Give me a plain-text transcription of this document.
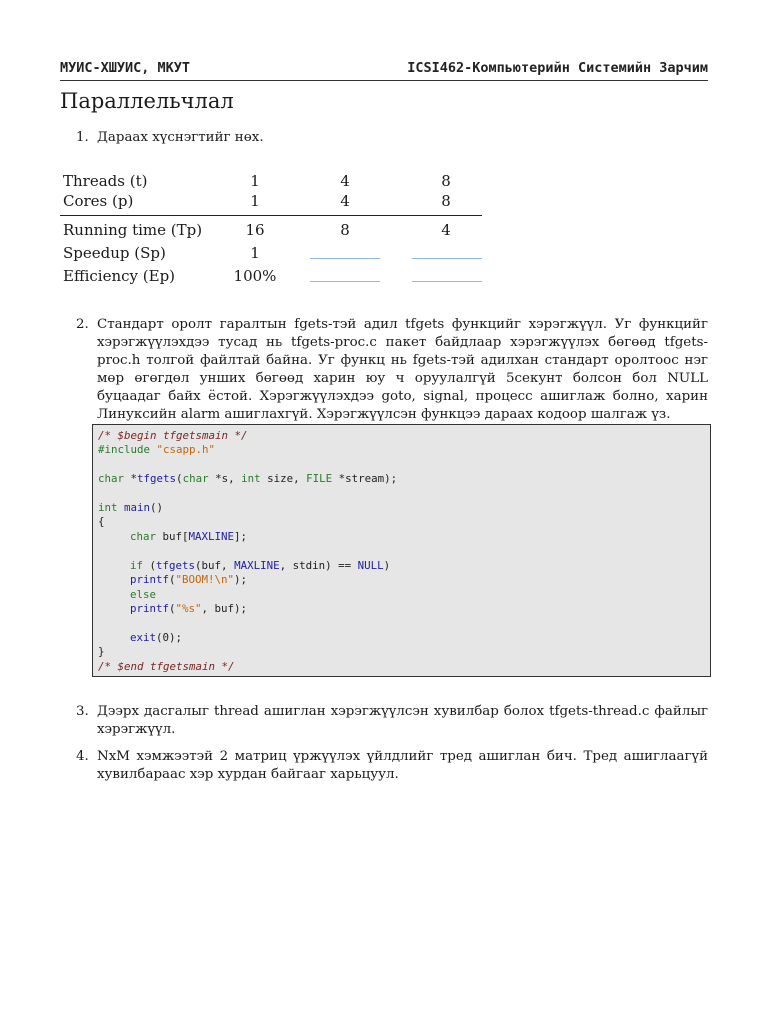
МУИС-ХШУИС, МКУТ	ICSI462-Компьютерийн Системийн Зарчим
Параллельчлал
1. Дараах хүснэгтийг нөх.
Threads (t)	1	4	8
Cores (p)	1	4	8
Running time (Tp)	16	8	4
Speedup (Sp)	1
Efficiency (Ep)	100%
2. Стандарт оролт гаралтын fgets-тэй адил tfgets функцийг хэрэгжүүл. Уг функцийг хэрэгжүүлэхдээ тусад нь tfgets-proc.c пакет байдлаар хэрэгжүүлэх бөгөөд tfgets-proc.h толгой файлтай байна. Уг функц нь fgets-тэй адилхан стандарт оролтоос нэг мөр өгөгдөл уншиx бөгөөд харин юу ч оруулалгүй 5секунт болсон бол NULL буцаадаг байх ёстой. Хэрэгжүүлэхдээ goto, signal, процесс ашиглаж болно, харин Линуксийн alarm ашиглахгүй. Хэрэгжүүлсэн функцээ дараах кодоор шалгаж үз.
/* $begin tfgetsmain */
#include "csapp.h"
char *tfgets(char *s, int size, FILE *stream);
int main()
{
char buf[MAXLINE];
if (tfgets(buf, MAXLINE, stdin) == NULL)
printf("BOOM!\n");
else
printf("%s", buf);
exit(0);
}
/* $end tfgetsmain */
3. Дээрх дасгалыг thread ашиглан хэрэгжүүлсэн хувилбар болох tfgets-thread.c файлыг хэрэгжүүл.
4. NxM хэмжээтэй 2 матриц үржүүлэх үйлдлийг тред ашиглан бич. Тред ашиглаагүй хувилбараас хэр хурдан байгааг харьцуул.
